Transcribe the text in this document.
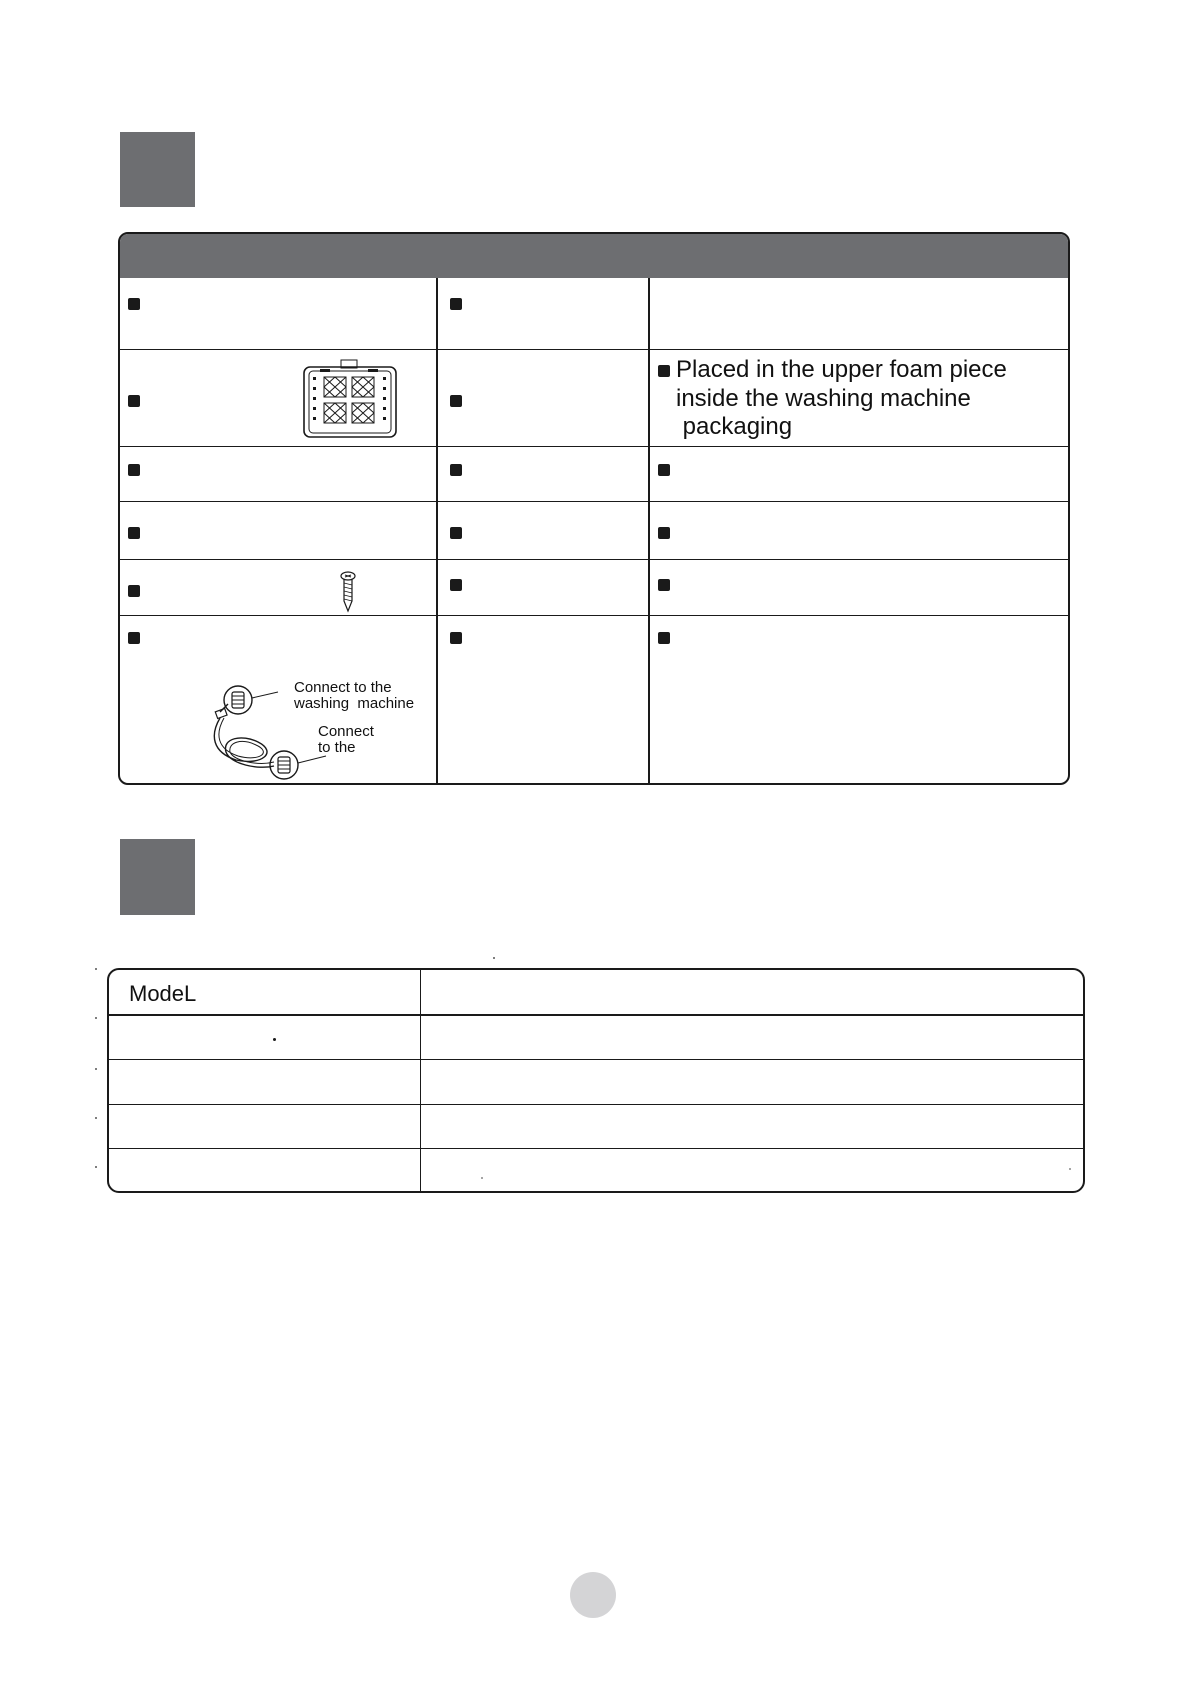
Placed in the upper foam piece
inside the washing machine
packaging
Connect to the
washing  machine
Connect
to the
ModeL
